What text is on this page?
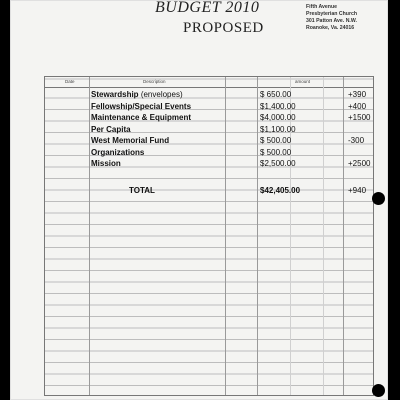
BUDGET 2010
PROPOSED
Fifth Avenue
Presbyterian Church
301 Patton Ave. N.W.
Roanoke, Va. 24016
Date	Description	amount
Stewardship (envelopes)	$ 650.00	+390
Fellowship/Special Events	$1,400.00	+400
Maintenance & Equipment	$4,000.00	+1500
Per Capita	$1,100.00
West Memorial Fund	$ 500.00	-300
Organizations	$ 500.00
Mission	$2,500.00	+2500
TOTAL	$42,405.00	+940
